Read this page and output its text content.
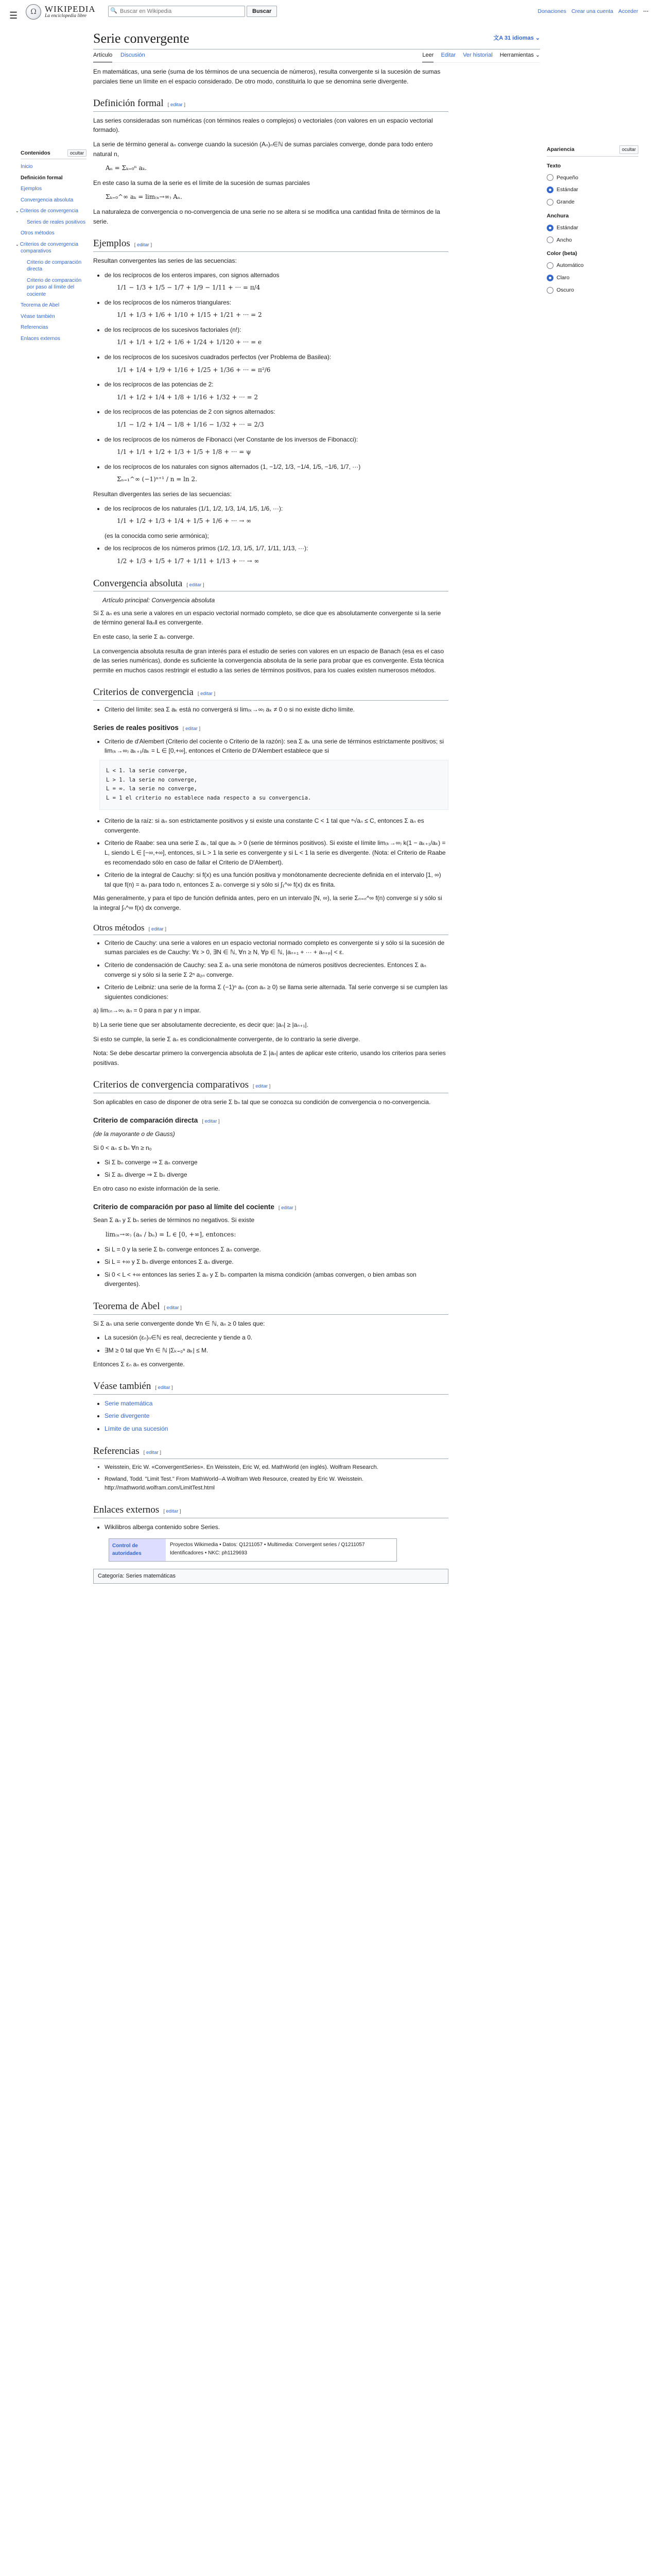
☰	Ω WIKIPEDIA
La enciclopedia libre
🔍
Buscar en Wikipedia	Buscar	Donaciones Crear una cuenta Acceder ···
Serie convergente	文A 31 idiomas ⌄
Artículo Discusión	Leer Editar Ver historial Herramientas ⌄
Contenidos	ocultar
Inicio
Definición formal
Ejemplos
Convergencia absoluta
⌄ Criterios de convergencia
Series de reales positivos
Otros métodos
⌄ Criterios de convergencia comparativos
Criterio de comparación directa
Criterio de comparación por paso al límite del cociente
Teorema de Abel
Véase también
Referencias
Enlaces externos
Apariencia	ocultar
Texto
Pequeño
Estándar
Grande
Anchura
Estándar
Ancho
Color (beta)
Automático
Claro
Oscuro

En matemáticas, una serie (suma de los términos de una secuencia de números), resulta convergente si la sucesión de sumas parciales tiene un límite en el espacio considerado. De otro modo, constituirla lo que se denomina serie divergente.

Definición formal [ editar ]

Las series consideradas son numéricas (con términos reales o complejos) o vectoriales (con valores en un espacio vectorial formado).

La serie de término general aₙ converge cuando la sucesión (Aₙ)ₙ∈ℕ de sumas parciales converge, donde para todo entero natural n,

Aₙ = Σₖ₌₀ⁿ aₖ.

En este caso la suma de la serie es el límite de la sucesión de sumas parciales

Σₖ₌₀^∞ aₖ = lim₍ₙ→∞₎ Aₙ.

La naturaleza de convergencia o no-convergencia de una serie no se altera si se modifica una cantidad finita de términos de la serie.

Ejemplos [ editar ]

Resultan convergentes las series de las secuencias:

• de los recíprocos de los enteros impares, con signos alternados
1/1 − 1/3 + 1/5 − 1/7 + 1/9 − 1/11 + ··· = π/4
• de los recíprocos de los números triangulares:
1/1 + 1/3 + 1/6 + 1/10 + 1/15 + 1/21 + ··· = 2
• de los recíprocos de los sucesivos factoriales (n!):
1/1 + 1/1 + 1/2 + 1/6 + 1/24 + 1/120 + ··· = e
• de los recíprocos de los sucesivos cuadrados perfectos (ver Problema de Basilea):
1/1 + 1/4 + 1/9 + 1/16 + 1/25 + 1/36 + ··· = π²/6
• de los recíprocos de las potencias de 2:
1/1 + 1/2 + 1/4 + 1/8 + 1/16 + 1/32 + ··· = 2
• de los recíprocos de las potencias de 2 con signos alternados:
1/1 − 1/2 + 1/4 − 1/8 + 1/16 − 1/32 + ··· = 2/3
• de los recíprocos de los números de Fibonacci (ver Constante de los inversos de Fibonacci):
1/1 + 1/1 + 1/2 + 1/3 + 1/5 + 1/8 + ··· = ψ
• de los recíprocos de los naturales con signos alternados (1, −1/2, 1/3, −1/4, 1/5, −1/6, 1/7, ···)
Σₙ₌₁^∞ (−1)ⁿ⁺¹ / n = ln 2.

Resultan divergentes las series de las secuencias:

• de los recíprocos de los naturales (1/1, 1/2, 1/3, 1/4, 1/5, 1/6, ···):
1/1 + 1/2 + 1/3 + 1/4 + 1/5 + 1/6 + ··· → ∞
(es la conocida como serie armónica);
• de los recíprocos de los números primos (1/2, 1/3, 1/5, 1/7, 1/11, 1/13, ···):
1/2 + 1/3 + 1/5 + 1/7 + 1/11 + 1/13 + ··· → ∞
Convergencia absoluta [ editar ]
Artículo principal: Convergencia absoluta

Si Σ aₙ es una serie a valores en un espacio vectorial normado completo, se dice que es absolutamente convergente si la serie de término general ‖aₙ‖ es convergente.

En este caso, la serie Σ aₙ converge.

La convergencia absoluta resulta de gran interés para el estudio de series con valores en un espacio de Banach (esa es el caso de las series numéricas), donde es suficiente la convergencia absoluta de la serie para probar que es convergente. Esta técnica permite en muchos casos restringir el estudio a las series de términos positivos, para los cuales existen numerosos métodos.

Criterios de convergencia [ editar ]
• Criterio del límite: sea Σ aₖ está no convergerá si lim₍ₖ→∞₎ aₖ ≠ 0 o si no existe dicho límite.
Series de reales positivos [ editar ]
• Criterio de d'Alembert (Criterio del cociente o Criterio de la razón): sea Σ aₖ una serie de términos estrictamente positivos; si lim₍ₖ→∞₎ aₖ₊₁/aₖ = L ∈ [0,+∞], entonces el Criterio de D'Alembert establece que si
L < 1. la serie converge,
L > 1. la serie no converge,
L = ∞. la serie no converge,
L = 1 el criterio no establece nada respecto a su convergencia.
• Criterio de la raíz: si aₙ son estrictamente positivos y si existe una constante C < 1 tal que ⁿ√aₙ ≤ C, entonces Σ aₙ es convergente.
• Criterio de Raabe: sea una serie Σ aₖ, tal que aₖ > 0 (serie de términos positivos). Si existe el límite lim₍ₖ→∞₎ k(1 − aₖ₊₁/aₖ) = L, siendo L ∈ [−∞,+∞], entonces, si L > 1 la serie es convergente y si L < 1 la serie es divergente. (Nota: el Criterio de Raabe es recomendado sólo en caso de fallar el Criterio de D'Alembert).
• Criterio de la integral de Cauchy: si f(x) es una función positiva y monótonamente decreciente definida en el intervalo [1, ∞) tal que f(n) = aₙ para todo n, entonces Σ aₙ converge si y sólo si ∫₁^∞ f(x) dx es finita.

Más generalmente, y para el tipo de función definida antes, pero en un intervalo [N, ∞), la serie Σₙ₌ₙ^∞ f(n) converge si y sólo si la integral ∫ₙ^∞ f(x) dx converge.

Otros métodos [ editar ]
• Criterio de Cauchy: una serie a valores en un espacio vectorial normado completo es convergente si y sólo si la sucesión de sumas parciales es de Cauchy: ∀ε > 0, ∃N ∈ ℕ, ∀n ≥ N, ∀p ∈ ℕ, |aₙ₊₁ + ··· + aₙ₊ₚ| < ε.
• Criterio de condensación de Cauchy: sea Σ aₙ una serie monótona de números positivos decrecientes. Entonces Σ aₙ converge si y sólo si la serie Σ 2ⁿ a₂ₙ converge.
• Criterio de Leibniz: una serie de la forma Σ (−1)ⁿ aₙ (con aₙ ≥ 0) se llama serie alternada. Tal serie converge si se cumplen las siguientes condiciones:

a) lim₍ₙ→∞₎ aₙ = 0 para n par y n impar.

b) La serie tiene que ser absolutamente decreciente, es decir que: |aₙ| ≥ |aₙ₊₁|.

Si esto se cumple, la serie Σ aₙ es condicionalmente convergente, de lo contrario la serie diverge.

Nota: Se debe descartar primero la convergencia absoluta de Σ |aₙ| antes de aplicar este criterio, usando los criterios para series positivas.

Criterios de convergencia comparativos [ editar ]

Son aplicables en caso de disponer de otra serie Σ bₙ tal que se conozca su condición de convergencia o no-convergencia.

Criterio de comparación directa [ editar ]

(de la mayorante o de Gauss)

Si 0 < aₙ ≤ bₙ ∀n ≥ n₀

• Si Σ bₙ converge ⇒ Σ aₙ converge
• Si Σ aₙ diverge ⇒ Σ bₙ diverge

En otro caso no existe información de la serie.

Criterio de comparación por paso al límite del cociente [ editar ]

Sean Σ aₙ y Σ bₙ series de términos no negativos. Si existe

lim₍ₙ→∞₎ (aₙ / bₙ) = L ∈ [0, +∞], entonces:
• Si L = 0 y la serie Σ bₙ converge entonces Σ aₙ converge.
• Si L = +∞ y Σ bₙ diverge entonces Σ aₙ diverge.
• Si 0 < L < +∞ entonces las series Σ aₙ y Σ bₙ comparten la misma condición (ambas convergen, o bien ambas son divergentes).
Teorema de Abel [ editar ]

Si Σ aₙ una serie convergente donde ∀n ∈ ℕ, aₙ ≥ 0 tales que:

• La sucesión (εₙ)ₙ∈ℕ es real, decreciente y tiende a 0.
• ∃M ≥ 0 tal que ∀n ∈ ℕ |Σₖ₌₀ⁿ aₖ| ≤ M.

Entonces Σ εₙ aₙ es convergente.

Véase también [ editar ]
• Serie matemática
• Serie divergente
• Límite de una sucesión
Referencias [ editar ]
• Weisstein, Eric W. «ConvergentSeries». En Weisstein, Eric W, ed. MathWorld (en inglés). Wolfram Research.
• Rowland, Todd. "Limit Test." From MathWorld--A Wolfram Web Resource, created by Eric W. Weisstein. http://mathworld.wolfram.com/LimitTest.html
Enlaces externos [ editar ]
• Wikilibros alberga contenido sobre Series.
Control de autoridades
Proyectos Wikimedia • Datos: Q1211057 • Multimedia: Convergent series / Q1211057
Identificadores • NKC: ph1129693
Categoría: Series matemáticas
